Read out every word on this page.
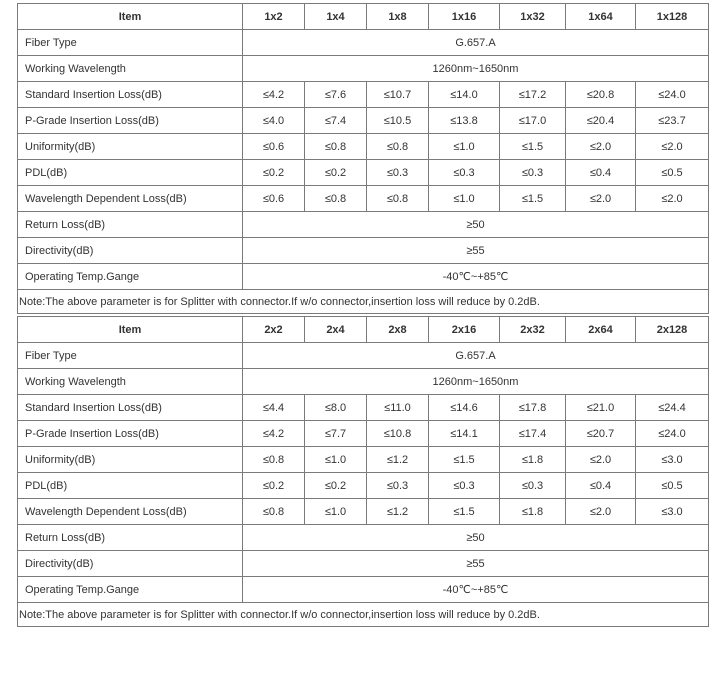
Item	1x2	1x4	1x8	1x16	1x32	1x64	1x128
Fiber Type	G.657.A						
Working Wavelength	1260nm~1650nm						
Standard Insertion Loss(dB)	≤4.2	≤7.6	≤10.7	≤14.0	≤17.2	≤20.8	≤24.0
P-Grade Insertion Loss(dB)	≤4.0	≤7.4	≤10.5	≤13.8	≤17.0	≤20.4	≤23.7
Uniformity(dB)	≤0.6	≤0.8	≤0.8	≤1.0	≤1.5	≤2.0	≤2.0
PDL(dB)	≤0.2	≤0.2	≤0.3	≤0.3	≤0.3	≤0.4	≤0.5
Wavelength Dependent Loss(dB)	≤0.6	≤0.8	≤0.8	≤1.0	≤1.5	≤2.0	≤2.0
Return Loss(dB)	≥50						
Directivity(dB)	≥55						
Operating Temp.Gange	-40℃~+85℃						
Note:The above parameter is for Splitter with connector.If w/o connector,insertion loss will reduce by 0.2dB.							
Item	2x2	2x4	2x8	2x16	2x32	2x64	2x128
Fiber Type	G.657.A						
Working Wavelength	1260nm~1650nm						
Standard Insertion Loss(dB)	≤4.4	≤8.0	≤11.0	≤14.6	≤17.8	≤21.0	≤24.4
P-Grade Insertion Loss(dB)	≤4.2	≤7.7	≤10.8	≤14.1	≤17.4	≤20.7	≤24.0
Uniformity(dB)	≤0.8	≤1.0	≤1.2	≤1.5	≤1.8	≤2.0	≤3.0
PDL(dB)	≤0.2	≤0.2	≤0.3	≤0.3	≤0.3	≤0.4	≤0.5
Wavelength Dependent Loss(dB)	≤0.8	≤1.0	≤1.2	≤1.5	≤1.8	≤2.0	≤3.0
Return Loss(dB)	≥50						
Directivity(dB)	≥55						
Operating Temp.Gange	-40℃~+85℃						
Note:The above parameter is for Splitter with connector.If w/o connector,insertion loss will reduce by 0.2dB.							
